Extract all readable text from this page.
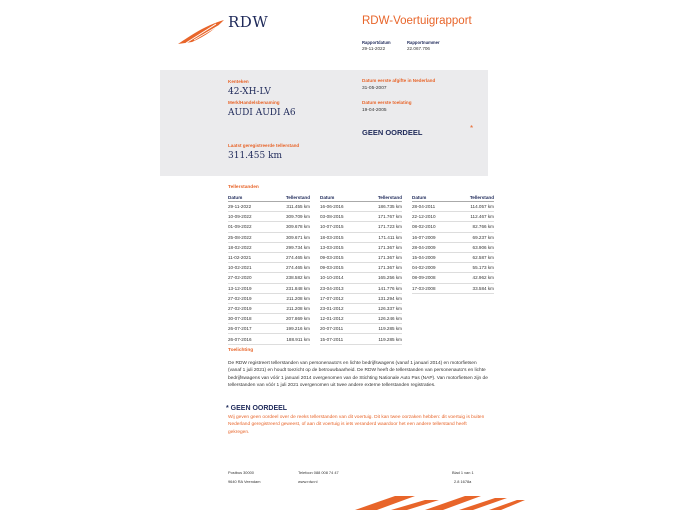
RDW	RDW-Voertuigrapport
Rapportdatum
29-11-2022
Rapportnummer
22.067.706
Kenteken
42-XH-LV
Merk/Handelsbenaming
AUDI AUDI A6
Laatst geregistreerde tellerstand
311.455 km
Datum eerste afgifte in Nederland
31-05-2007
Datum eerste toelating
19-04-2005
GEEN OORDEEL	*
Tellerstanden
Datum	Tellerstand
29-11-2022	311.455 km
10-09-2022	309.709 km
01-09-2022	309.678 km
25-08-2022	309.671 km
18-02-2022	299.734 km
11-02-2021	274.465 km
10-02-2021	274.465 km
27-02-2020	238.582 km
13-12-2019	231.848 km
27-02-2019	211.208 km
27-02-2019	211.208 km
30-07-2018	207.869 km
26-07-2017	199.216 km
26-07-2016	188.911 km
Datum	Tellerstand
16-06-2016	186.735 km
03-08-2015	171.767 km
10-07-2015	171.723 km
18-03-2015	171.411 km
13-03-2015	171.367 km
09-03-2015	171.367 km
09-03-2015	171.367 km
10-10-2014	165.256 km
23-04-2013	141.776 km
17-07-2012	131.294 km
23-01-2012	126.337 km
12-01-2012	126.246 km
20-07-2011	119.285 km
15-07-2011	119.285 km
Datum	Tellerstand
28-04-2011	114.057 km
22-12-2010	112.467 km
08-02-2010	82.766 km
16-07-2009	69.237 km
28-04-2009	63.906 km
15-04-2009	62.587 km
04-02-2009	55.173 km
08-09-2008	42.962 km
17-03-2008	33.584 km
Toelichting
De RDW registreert tellerstanden van personenauto's en lichte bedrijfswagens (vanaf 1 januari 2014) en motorfietsen (vanaf 1 juli 2021) en houdt toezicht op de betrouwbaarheid. De RDW heeft de tellerstanden van personenauto's en lichte bedrijfswagens van vóór 1 januari 2014 overgenomen van de Stichting Nationale Auto Pas (NAP). Van motorfietsen zijn de tellerstanden van vóór 1 juli 2021 overgenomen uit twee andere externe tellerstanden registraties.
* GEEN OORDEEL
Wij geven geen oordeel over de reeks tellerstanden van dit voertuig. Dit kan twee oorzaken hebben: dit voertuig is buiten Nederland geregistreerd geweest, of aan dit voertuig is iets veranderd waardoor het een andere tellerstand heeft gekregen.
Postbus 30000
9640 RA Veendam
Telefoon 088 008 74 47
www.rdw.nl
Blad 1 van 1
2.8 1678a
